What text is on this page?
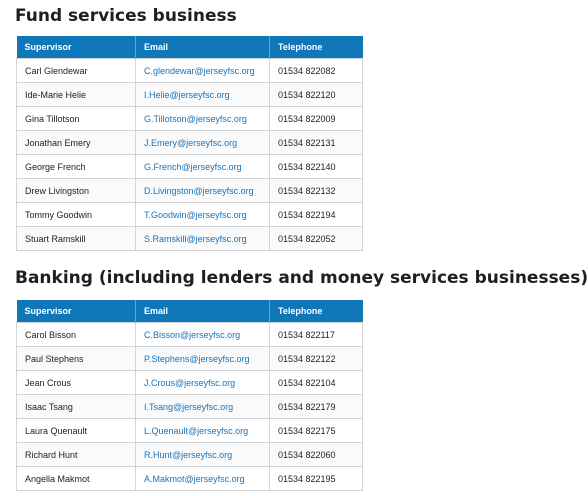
Fund services business
Supervisor	Email	Telephone
Carl Glendewar	C.glendewar@jerseyfsc.org	01534 822082
Ide-Marie Helie	I.Helie@jerseyfsc.org	01534 822120
Gina Tillotson	G.Tillotson@jerseyfsc.org	01534 822009
Jonathan Emery	J.Emery@jerseyfsc.org	01534 822131
George French	G.French@jerseyfsc.org	01534 822140
Drew Livingston	D.Livingston@jerseyfsc.org	01534 822132
Tommy Goodwin	T.Goodwin@jerseyfsc.org	01534 822194
Stuart Ramskill	S.Ramskill@jerseyfsc.org	01534 822052
Banking (including lenders and money services businesses)
Supervisor	Email	Telephone
Carol Bisson	C.Bisson@jerseyfsc.org	01534 822117
Paul Stephens	P.Stephens@jerseyfsc.org	01534 822122
Jean Crous	J.Crous@jerseyfsc.org	01534 822104
Isaac Tsang	I.Tsang@jerseyfsc.org	01534 822179
Laura Quenault	L.Quenault@jerseyfsc.org	01534 822175
Richard Hunt	R.Hunt@jerseyfsc.org	01534 822060
Angella Makmot	A.Makmot@jerseyfsc.org	01534 822195
